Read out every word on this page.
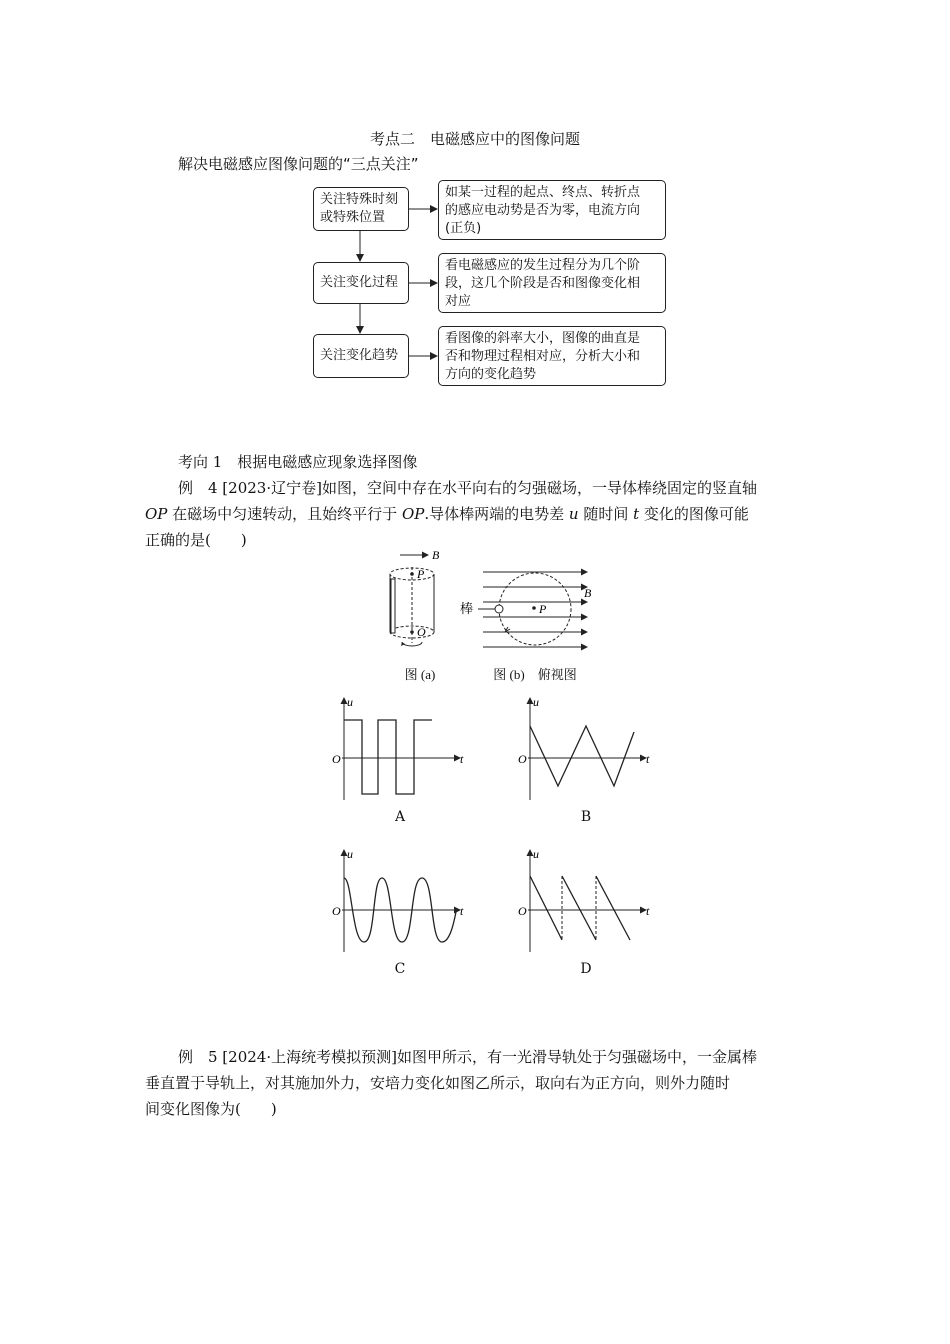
考点二　电磁感应中的图像问题
解决电磁感应图像问题的“三点关注”
关注特殊时刻
或特殊位置
如某一过程的起点、终点、转折点
的感应电动势是否为零，电流方向
(正负)
关注变化过程
看电磁感应的发生过程分为几个阶
段，这几个阶段是否和图像变化相
对应
关注变化趋势
看图像的斜率大小，图像的曲直是
否和物理过程相对应，分析大小和
方向的变化趋势
考向 1　根据电磁感应现象选择图像
例　4 [2023·辽宁卷]如图，空间中存在水平向右的匀强磁场，一导体棒绕固定的竖直轴
OP 在磁场中匀速转动，且始终平行于 OP.导体棒两端的电势差 u 随时间 t 变化的图像可能
正确的是(　　)
B
P
O
P
B
棒
图 (a)	图 (b)　俯视图
u
O	t
u
O	t
u
O	t
u
O	t
A	B
C	D
例　5 [2024·上海统考模拟预测]如图甲所示，有一光滑导轨处于匀强磁场中，一金属棒
垂直置于导轨上，对其施加外力，安培力变化如图乙所示，取向右为正方向，则外力随时
间变化图像为(　　)
